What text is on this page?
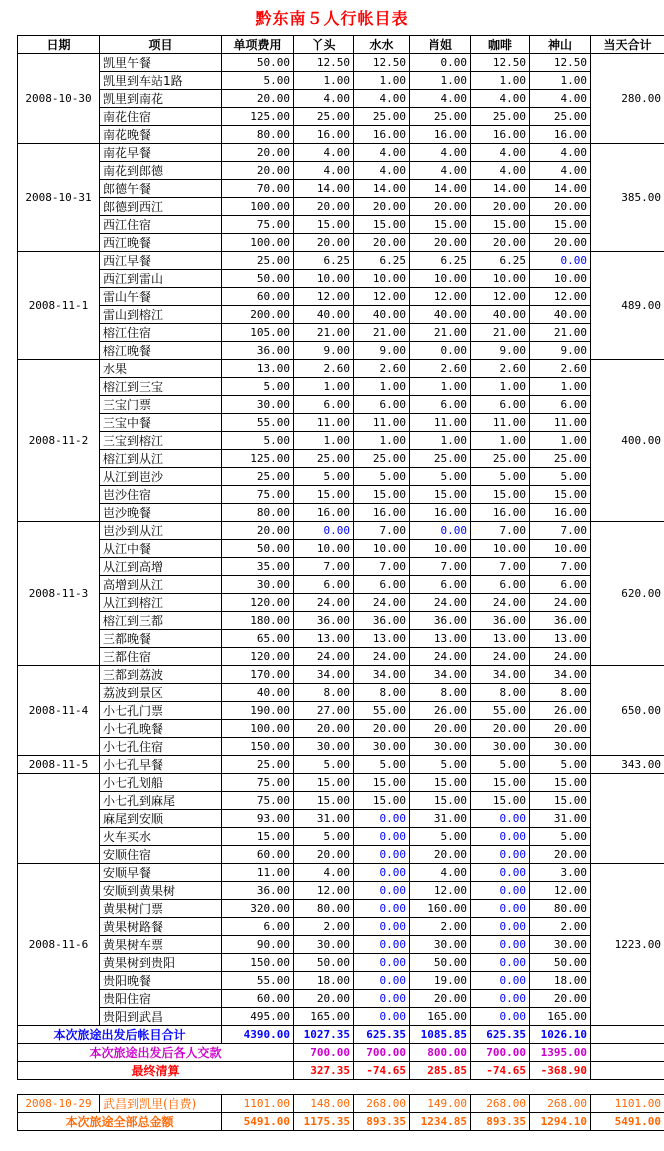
黔东南５人行帐目表
日期	项目	单项费用	丫头	水水	肖姐	咖啡	神山	当天合计
2008-10-30	凯里午餐	50.00	12.50	12.50	0.00	12.50	12.50	280.00
	凯里到车站1路	5.00	1.00	1.00	1.00	1.00	1.00	
	凯里到南花	20.00	4.00	4.00	4.00	4.00	4.00	
	南花住宿	125.00	25.00	25.00	25.00	25.00	25.00	
	南花晚餐	80.00	16.00	16.00	16.00	16.00	16.00	
2008-10-31	南花早餐	20.00	4.00	4.00	4.00	4.00	4.00	385.00
	南花到郎德	20.00	4.00	4.00	4.00	4.00	4.00	
	郎德午餐	70.00	14.00	14.00	14.00	14.00	14.00	
	郎德到西江	100.00	20.00	20.00	20.00	20.00	20.00	
	西江住宿	75.00	15.00	15.00	15.00	15.00	15.00	
	西江晚餐	100.00	20.00	20.00	20.00	20.00	20.00	
2008-11-1	西江早餐	25.00	6.25	6.25	6.25	6.25	0.00	489.00
	西江到雷山	50.00	10.00	10.00	10.00	10.00	10.00	
	雷山午餐	60.00	12.00	12.00	12.00	12.00	12.00	
	雷山到榕江	200.00	40.00	40.00	40.00	40.00	40.00	
	榕江住宿	105.00	21.00	21.00	21.00	21.00	21.00	
	榕江晚餐	36.00	9.00	9.00	0.00	9.00	9.00	
2008-11-2	水果	13.00	2.60	2.60	2.60	2.60	2.60	400.00
	榕江到三宝	5.00	1.00	1.00	1.00	1.00	1.00	
	三宝门票	30.00	6.00	6.00	6.00	6.00	6.00	
	三宝中餐	55.00	11.00	11.00	11.00	11.00	11.00	
	三宝到榕江	5.00	1.00	1.00	1.00	1.00	1.00	
	榕江到从江	125.00	25.00	25.00	25.00	25.00	25.00	
	从江到岜沙	25.00	5.00	5.00	5.00	5.00	5.00	
	岜沙住宿	75.00	15.00	15.00	15.00	15.00	15.00	
	岜沙晚餐	80.00	16.00	16.00	16.00	16.00	16.00	
2008-11-3	岜沙到从江	20.00	0.00	7.00	0.00	7.00	7.00	620.00
	从江中餐	50.00	10.00	10.00	10.00	10.00	10.00	
	从江到高增	35.00	7.00	7.00	7.00	7.00	7.00	
	高增到从江	30.00	6.00	6.00	6.00	6.00	6.00	
	从江到榕江	120.00	24.00	24.00	24.00	24.00	24.00	
	榕江到三都	180.00	36.00	36.00	36.00	36.00	36.00	
	三都晚餐	65.00	13.00	13.00	13.00	13.00	13.00	
	三都住宿	120.00	24.00	24.00	24.00	24.00	24.00	
2008-11-4	三都到荔波	170.00	34.00	34.00	34.00	34.00	34.00	650.00
	荔波到景区	40.00	8.00	8.00	8.00	8.00	8.00	
	小七孔门票	190.00	27.00	55.00	26.00	55.00	26.00	
	小七孔晚餐	100.00	20.00	20.00	20.00	20.00	20.00	
	小七孔住宿	150.00	30.00	30.00	30.00	30.00	30.00	
2008-11-5	小七孔早餐	25.00	5.00	5.00	5.00	5.00	5.00	343.00
	小七孔划船	75.00	15.00	15.00	15.00	15.00	15.00	
	小七孔到麻尾	75.00	15.00	15.00	15.00	15.00	15.00	
	麻尾到安顺	93.00	31.00	0.00	31.00	0.00	31.00	
	火车买水	15.00	5.00	0.00	5.00	0.00	5.00	
	安顺住宿	60.00	20.00	0.00	20.00	0.00	20.00	
2008-11-6	安顺早餐	11.00	4.00	0.00	4.00	0.00	3.00	1223.00
	安顺到黄果树	36.00	12.00	0.00	12.00	0.00	12.00	
	黄果树门票	320.00	80.00	0.00	160.00	0.00	80.00	
	黄果树路餐	6.00	2.00	0.00	2.00	0.00	2.00	
	黄果树车票	90.00	30.00	0.00	30.00	0.00	30.00	
	黄果树到贵阳	150.00	50.00	0.00	50.00	0.00	50.00	
	贵阳晚餐	55.00	18.00	0.00	19.00	0.00	18.00	
	贵阳住宿	60.00	20.00	0.00	20.00	0.00	20.00	
	贵阳到武昌	495.00	165.00	0.00	165.00	0.00	165.00	
本次旅途出发后帐目合计		4390.00	1027.35	625.35	1085.85	625.35	1026.10	
本次旅途出发后各人交款			700.00	700.00	800.00	700.00	1395.00	
最终清算			327.35	-74.65	285.85	-74.65	-368.90	

2008-10-29	武昌到凯里(自费)	1101.00	148.00	268.00	149.00	268.00	268.00	1101.00
本次旅途全部总金额		5491.00	1175.35	893.35	1234.85	893.35	1294.10	5491.00
